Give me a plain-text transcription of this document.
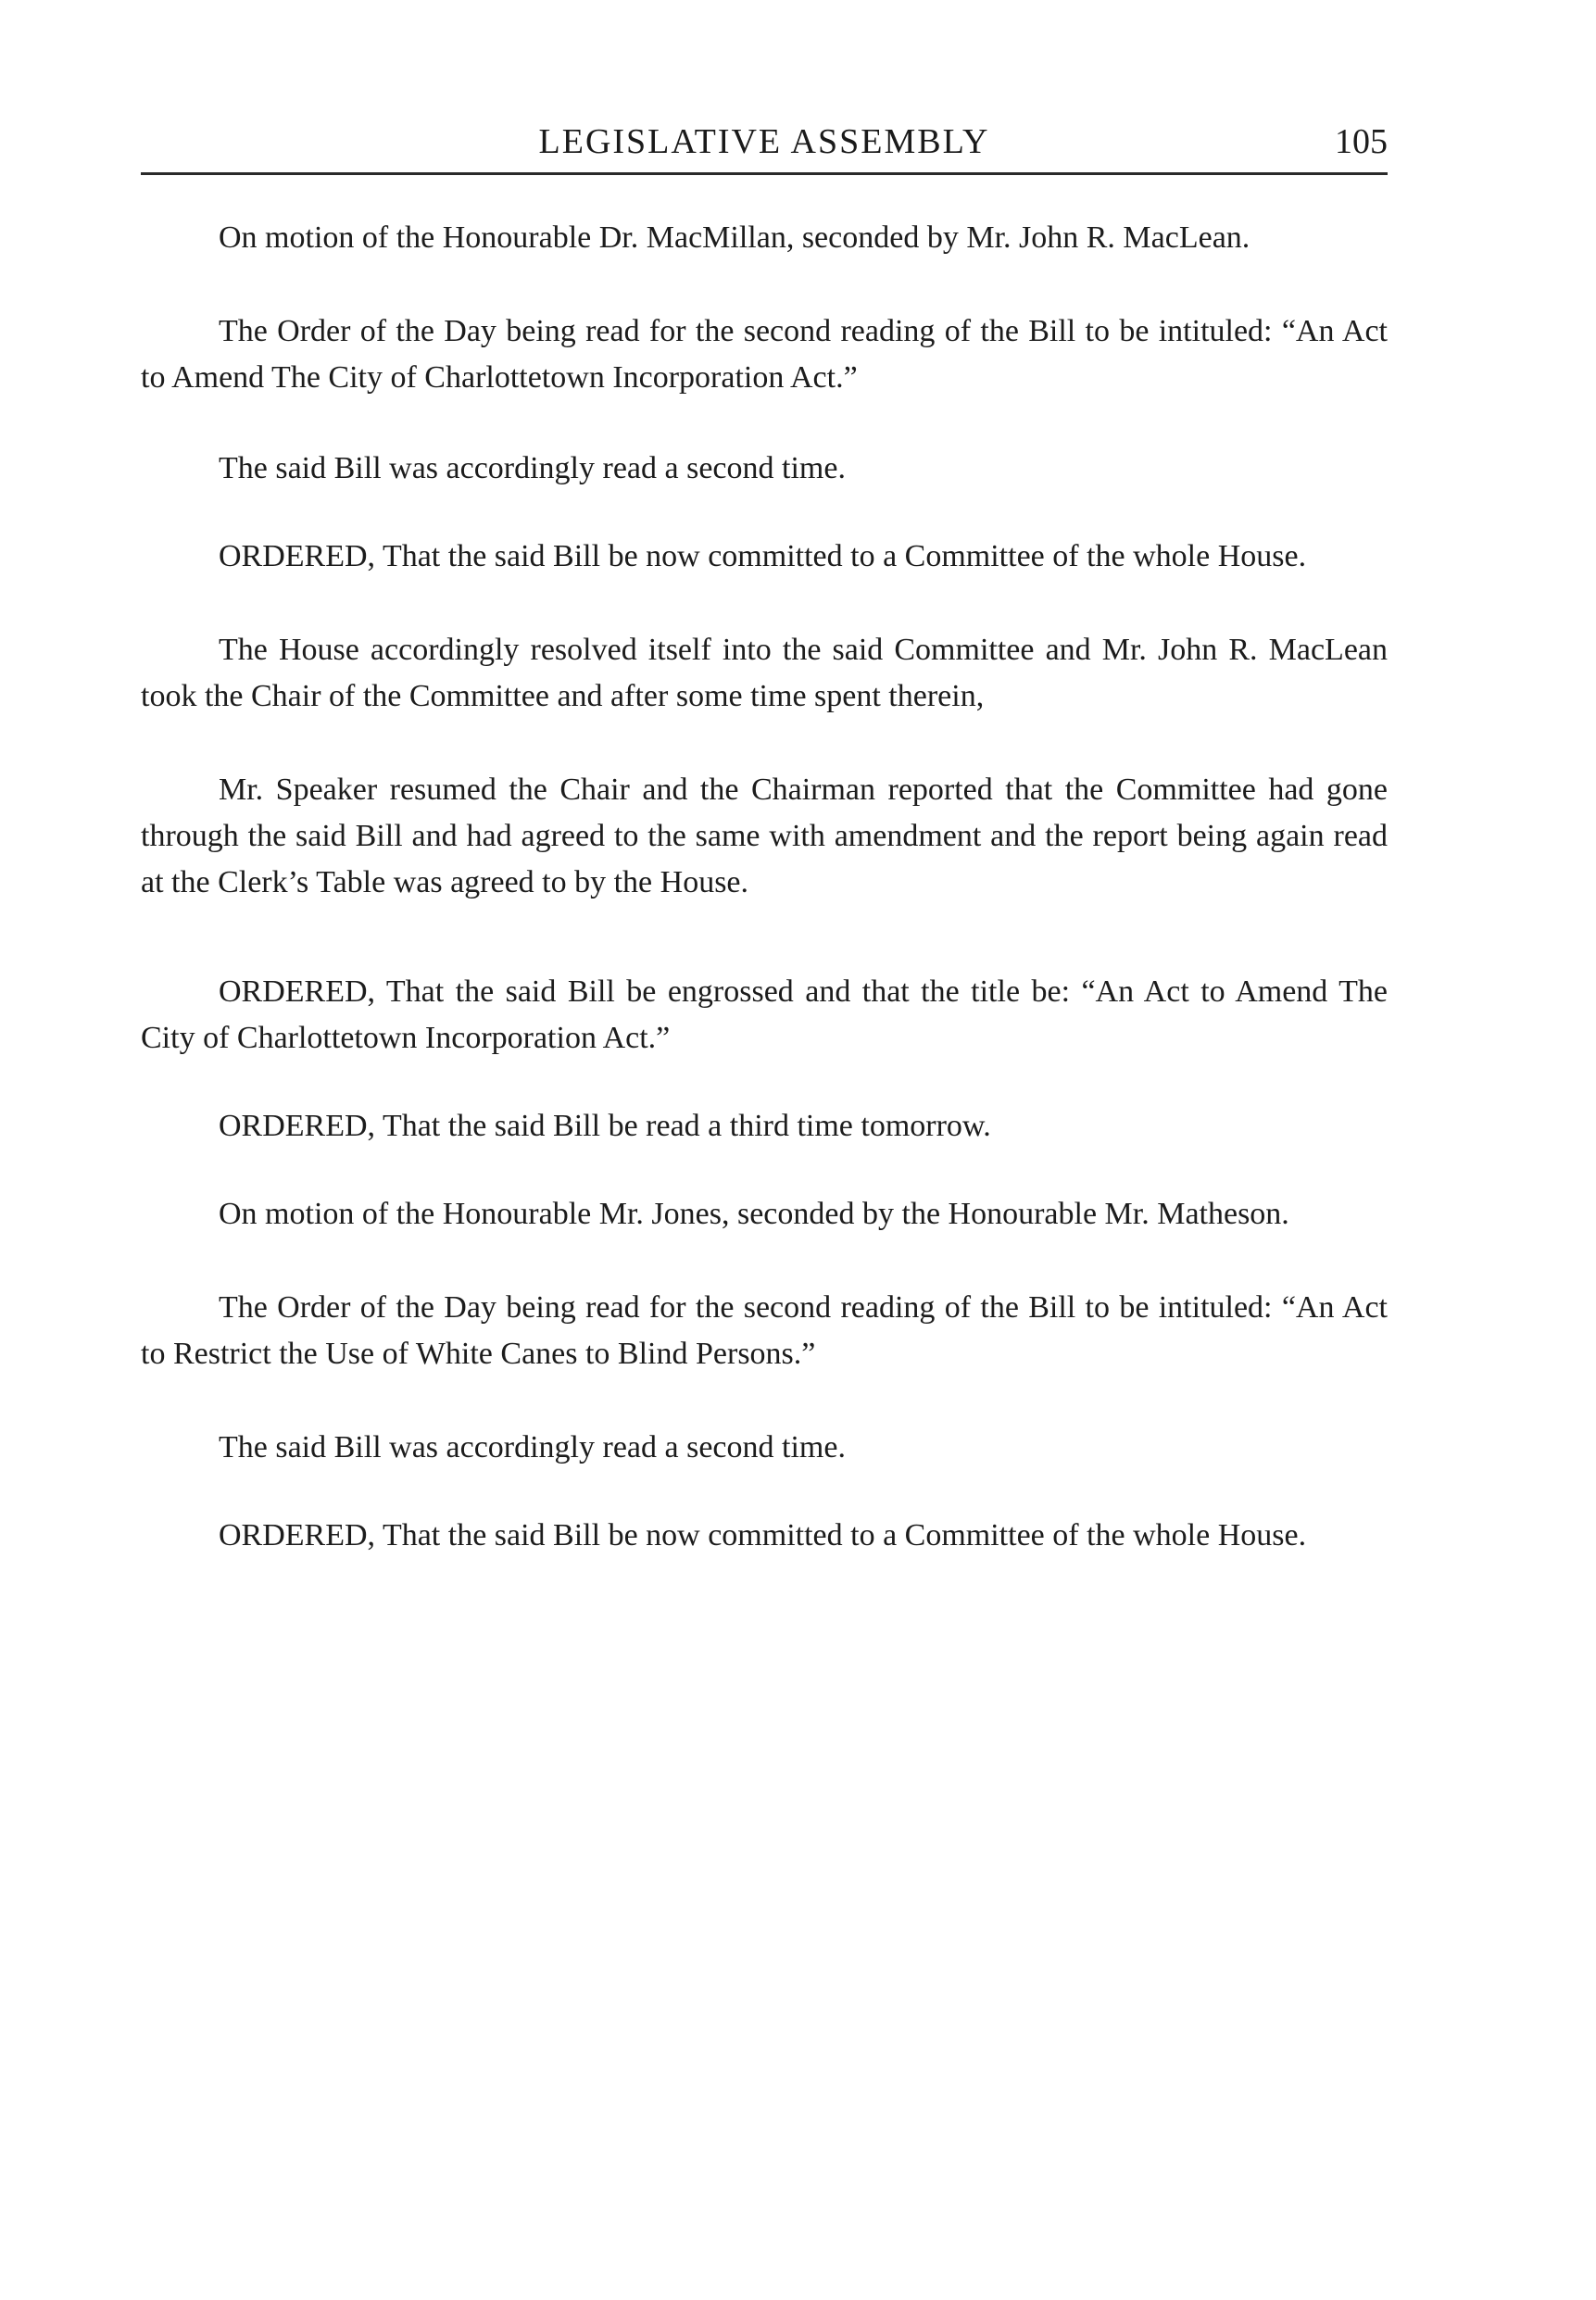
LEGISLATIVE ASSEMBLY	105

On motion of the Honourable Dr. MacMillan, seconded by Mr. John R. MacLean.

The Order of the Day being read for the second reading of the Bill to be intituled: “An Act to Amend The City of Charlottetown Incorporation Act.”

The said Bill was accordingly read a second time.

ORDERED, That the said Bill be now committed to a Committee of the whole House.

The House accordingly resolved itself into the said Committee and Mr. John R. MacLean took the Chair of the Committee and after some time spent therein,

Mr. Speaker resumed the Chair and the Chairman reported that the Committee had gone through the said Bill and had agreed to the same with amendment and the report being again read at the Clerk’s Table was agreed to by the House.

ORDERED, That the said Bill be engrossed and that the title be: “An Act to Amend The City of Charlottetown Incorporation Act.”

ORDERED, That the said Bill be read a third time tomorrow.

On motion of the Honourable Mr. Jones, seconded by the Honourable Mr. Matheson.

The Order of the Day being read for the second reading of the Bill to be intituled: “An Act to Restrict the Use of White Canes to Blind Persons.”

The said Bill was accordingly read a second time.

ORDERED, That the said Bill be now committed to a Committee of the whole House.
